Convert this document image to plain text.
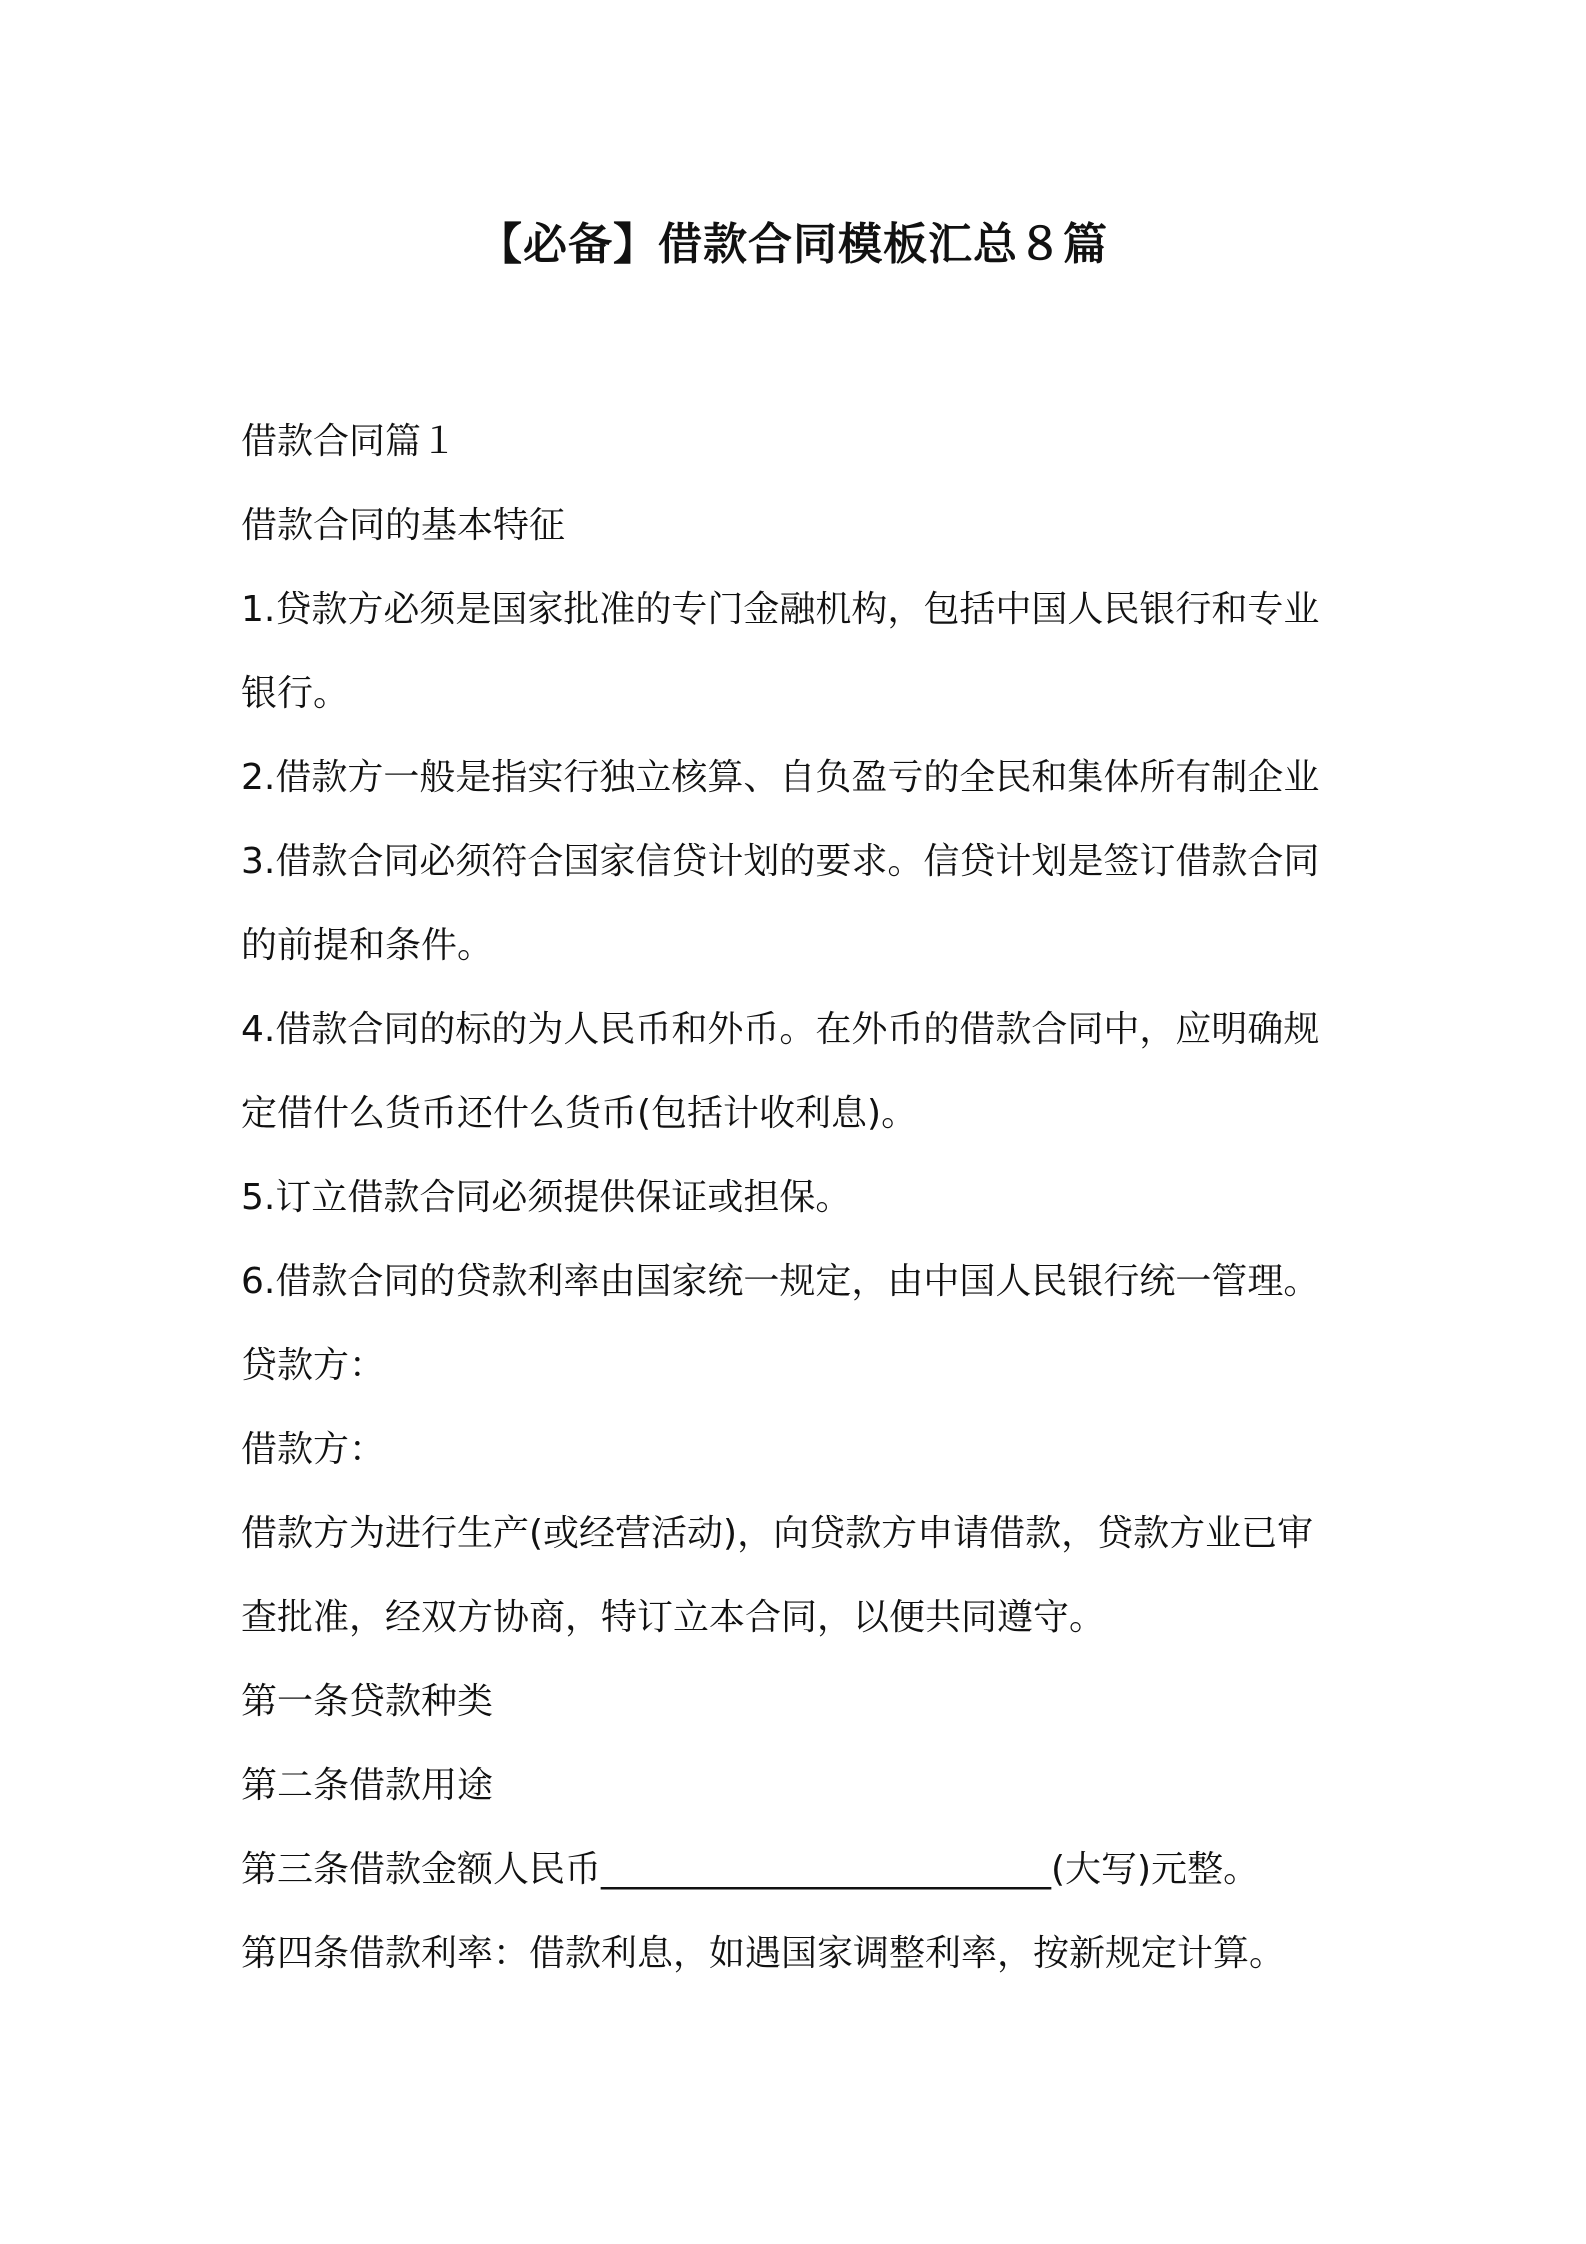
【必备】借款合同模板汇总８篇

借款合同篇１

借款合同的基本特征

1.贷款方必须是国家批准的专门金融机构，包括中国人民银行和专业

银行。

2.借款方一般是指实行独立核算、自负盈亏的全民和集体所有制企业

3.借款合同必须符合国家信贷计划的要求。信贷计划是签订借款合同

的前提和条件。

4.借款合同的标的为人民币和外币。在外币的借款合同中，应明确规

定借什么货币还什么货币(包括计收利息)。

5.订立借款合同必须提供保证或担保。

6.借款合同的贷款利率由国家统一规定，由中国人民银行统一管理。

贷款方：

借款方：

借款方为进行生产(或经营活动)，向贷款方申请借款，贷款方业已审

查批准，经双方协商，特订立本合同，以便共同遵守。

第一条贷款种类

第二条借款用途

第三条借款金额人民币_________________________(大写)元整。

第四条借款利率：借款利息，如遇国家调整利率，按新规定计算。
